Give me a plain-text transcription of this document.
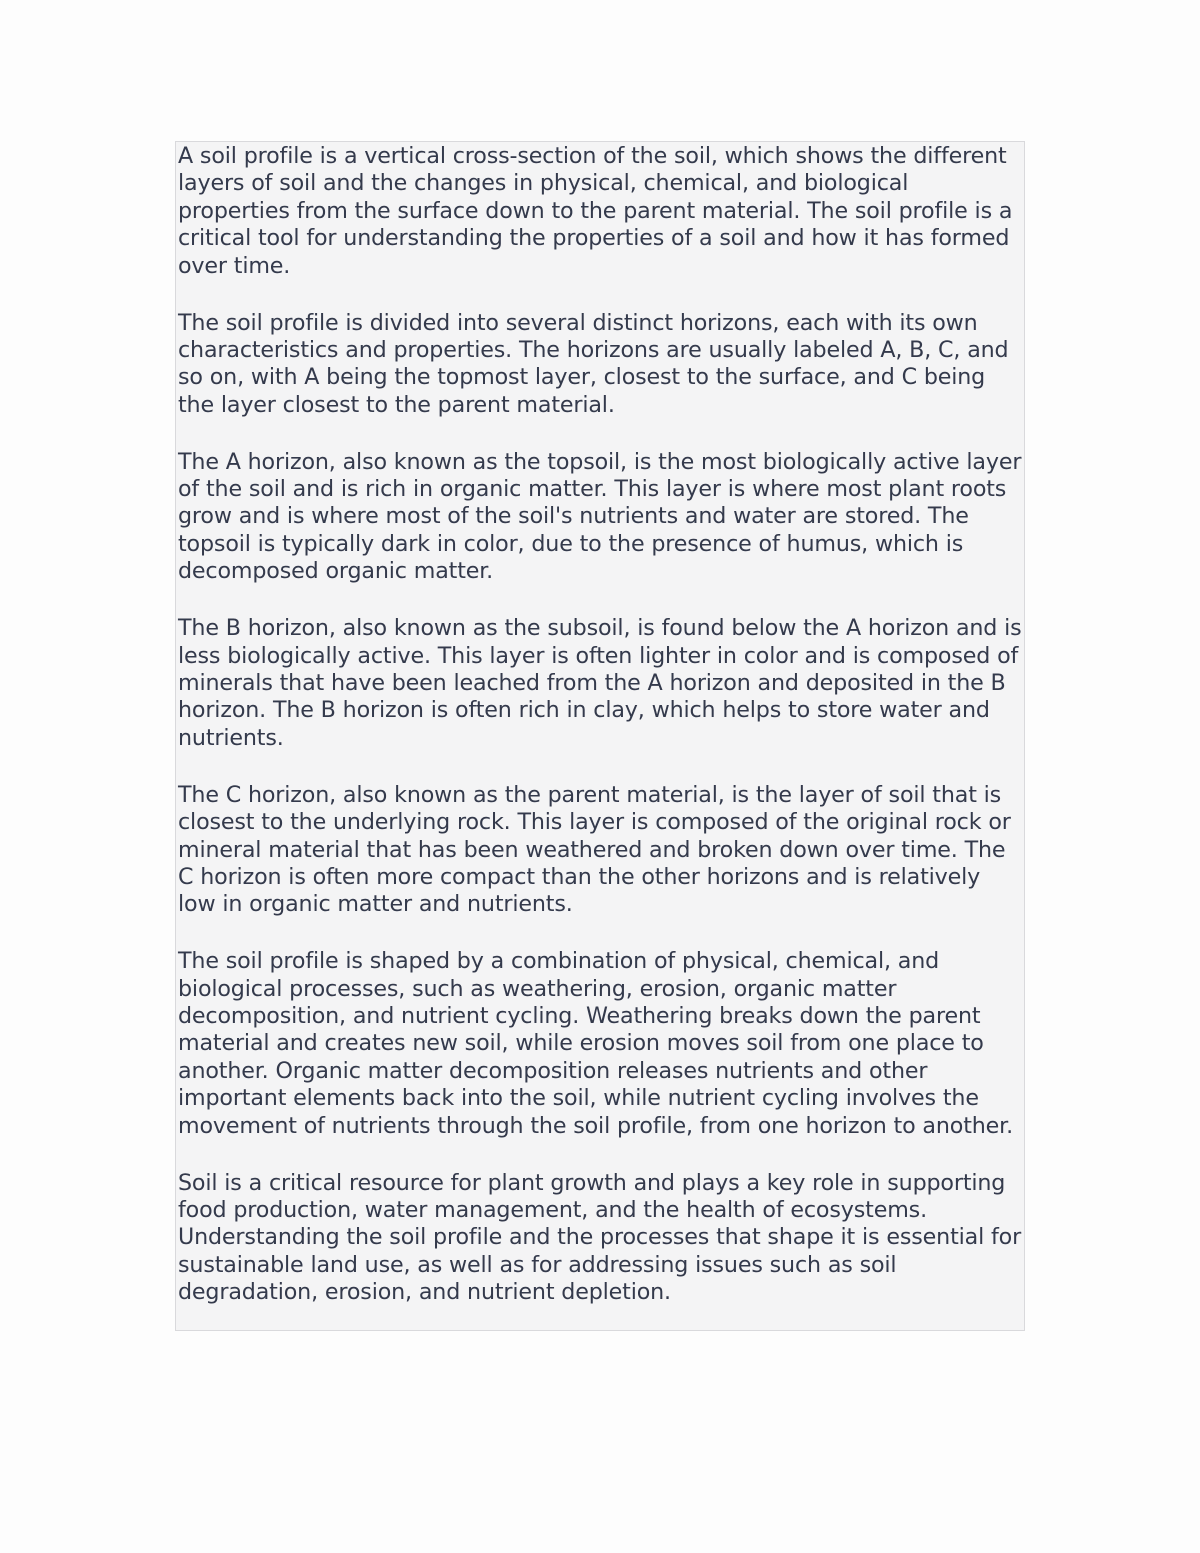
A soil profile is a vertical cross-section of the soil, which shows the different layers of soil and the changes in physical, chemical, and biological properties from the surface down to the parent material. The soil profile is a critical tool for understanding the properties of a soil and how it has formed over time.

The soil profile is divided into several distinct horizons, each with its own characteristics and properties. The horizons are usually labeled A, B, C, and so on, with A being the topmost layer, closest to the surface, and C being the layer closest to the parent material.

The A horizon, also known as the topsoil, is the most biologically active layer of the soil and is rich in organic matter. This layer is where most plant roots grow and is where most of the soil's nutrients and water are stored. The topsoil is typically dark in color, due to the presence of humus, which is decomposed organic matter.

The B horizon, also known as the subsoil, is found below the A horizon and is less biologically active. This layer is often lighter in color and is composed of minerals that have been leached from the A horizon and deposited in the B horizon. The B horizon is often rich in clay, which helps to store water and nutrients.

The C horizon, also known as the parent material, is the layer of soil that is closest to the underlying rock. This layer is composed of the original rock or mineral material that has been weathered and broken down over time. The C horizon is often more compact than the other horizons and is relatively low in organic matter and nutrients.

The soil profile is shaped by a combination of physical, chemical, and biological processes, such as weathering, erosion, organic matter decomposition, and nutrient cycling. Weathering breaks down the parent material and creates new soil, while erosion moves soil from one place to another. Organic matter decomposition releases nutrients and other important elements back into the soil, while nutrient cycling involves the movement of nutrients through the soil profile, from one horizon to another.

Soil is a critical resource for plant growth and plays a key role in supporting food production, water management, and the health of ecosystems. Understanding the soil profile and the processes that shape it is essential for sustainable land use, as well as for addressing issues such as soil degradation, erosion, and nutrient depletion.
